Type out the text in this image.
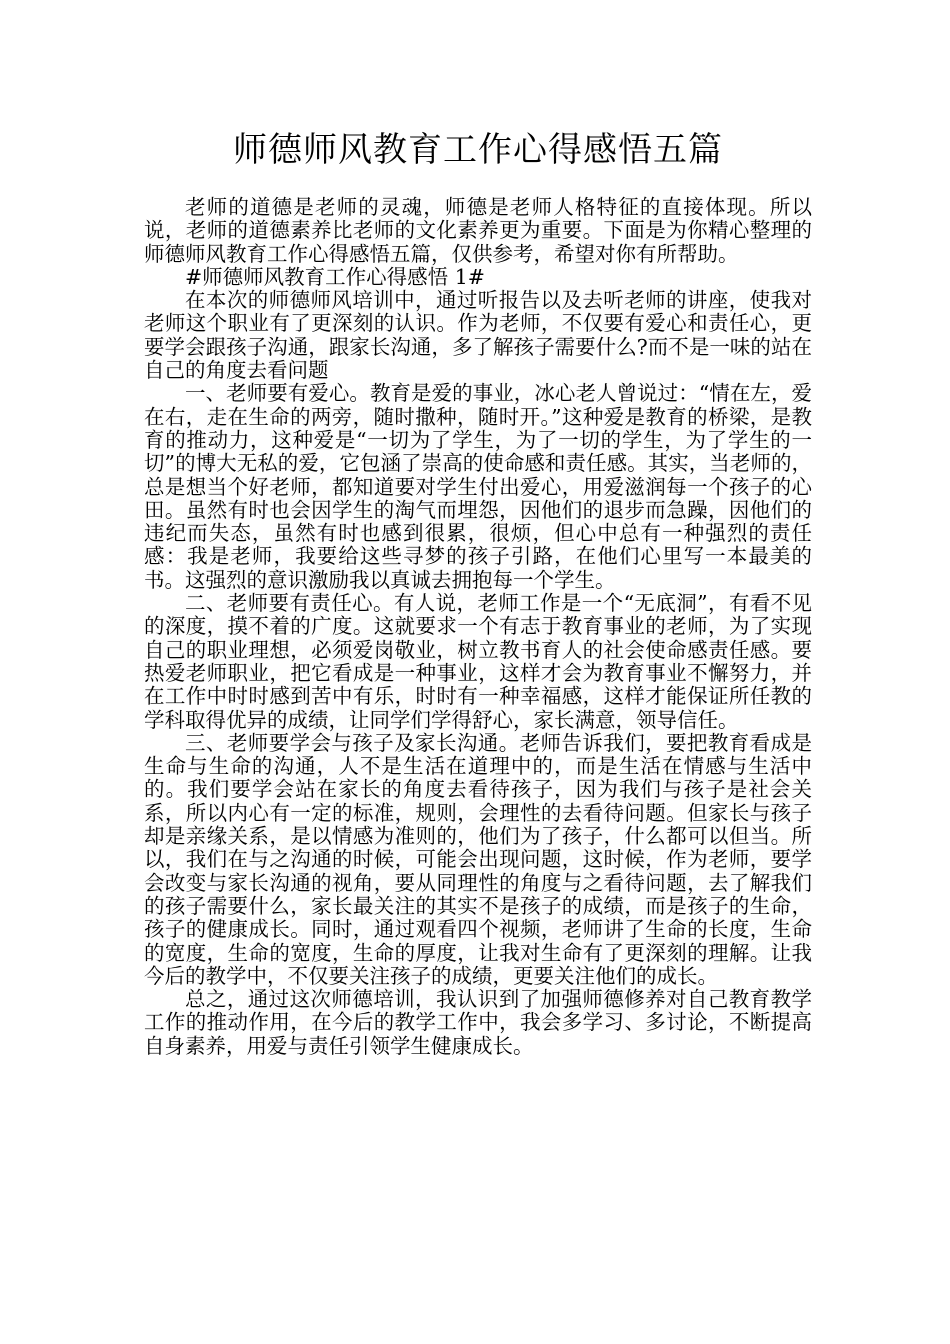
师德师风教育工作心得感悟五篇

老师的道德是老师的灵魂，师德是老师人格特征的直接体现。所以说，老师的道德素养比老师的文化素养更为重要。下面是为你精心整理的师德师风教育工作心得感悟五篇，仅供参考，希望对你有所帮助。

#师德师风教育工作心得感悟 1#

在本次的师德师风培训中，通过听报告以及去听老师的讲座，使我对老师这个职业有了更深刻的认识。作为老师，不仅要有爱心和责任心，更要学会跟孩子沟通，跟家长沟通，多了解孩子需要什么?而不是一味的站在自己的角度去看问题

一、老师要有爱心。教育是爱的事业，冰心老人曾说过：“情在左，爱在右，走在生命的两旁，随时撒种，随时开。”这种爱是教育的桥梁，是教育的推动力，这种爱是“一切为了学生，为了一切的学生，为了学生的一切”的博大无私的爱，它包涵了崇高的使命感和责任感。其实，当老师的，总是想当个好老师，都知道要对学生付出爱心，用爱滋润每一个孩子的心田。虽然有时也会因学生的淘气而埋怨，因他们的退步而急躁，因他们的违纪而失态，虽然有时也感到很累，很烦，但心中总有一种强烈的责任感：我是老师，我要给这些寻梦的孩子引路，在他们心里写一本最美的书。这强烈的意识激励我以真诚去拥抱每一个学生。

二、老师要有责任心。有人说，老师工作是一个“无底洞”，有看不见的深度，摸不着的广度。这就要求一个有志于教育事业的老师，为了实现自己的职业理想，必须爱岗敬业，树立教书育人的社会使命感责任感。要热爱老师职业，把它看成是一种事业，这样才会为教育事业不懈努力，并在工作中时时感到苦中有乐，时时有一种幸福感，这样才能保证所任教的学科取得优异的成绩，让同学们学得舒心，家长满意，领导信任。

三、老师要学会与孩子及家长沟通。老师告诉我们，要把教育看成是生命与生命的沟通，人不是生活在道理中的，而是生活在情感与生活中的。我们要学会站在家长的角度去看待孩子，因为我们与孩子是社会关系，所以内心有一定的标准，规则，会理性的去看待问题。但家长与孩子却是亲缘关系，是以情感为准则的，他们为了孩子，什么都可以但当。所以，我们在与之沟通的时候，可能会出现问题，这时候，作为老师，要学会改变与家长沟通的视角，要从同理性的角度与之看待问题，去了解我们的孩子需要什么，家长最关注的其实不是孩子的成绩，而是孩子的生命，孩子的健康成长。同时，通过观看四个视频，老师讲了生命的长度，生命的宽度，生命的宽度，生命的厚度，让我对生命有了更深刻的理解。让我今后的教学中，不仅要关注孩子的成绩，更要关注他们的成长。

总之，通过这次师德培训，我认识到了加强师德修养对自己教育教学工作的推动作用，在今后的教学工作中，我会多学习、多讨论，不断提高自身素养，用爱与责任引领学生健康成长。
